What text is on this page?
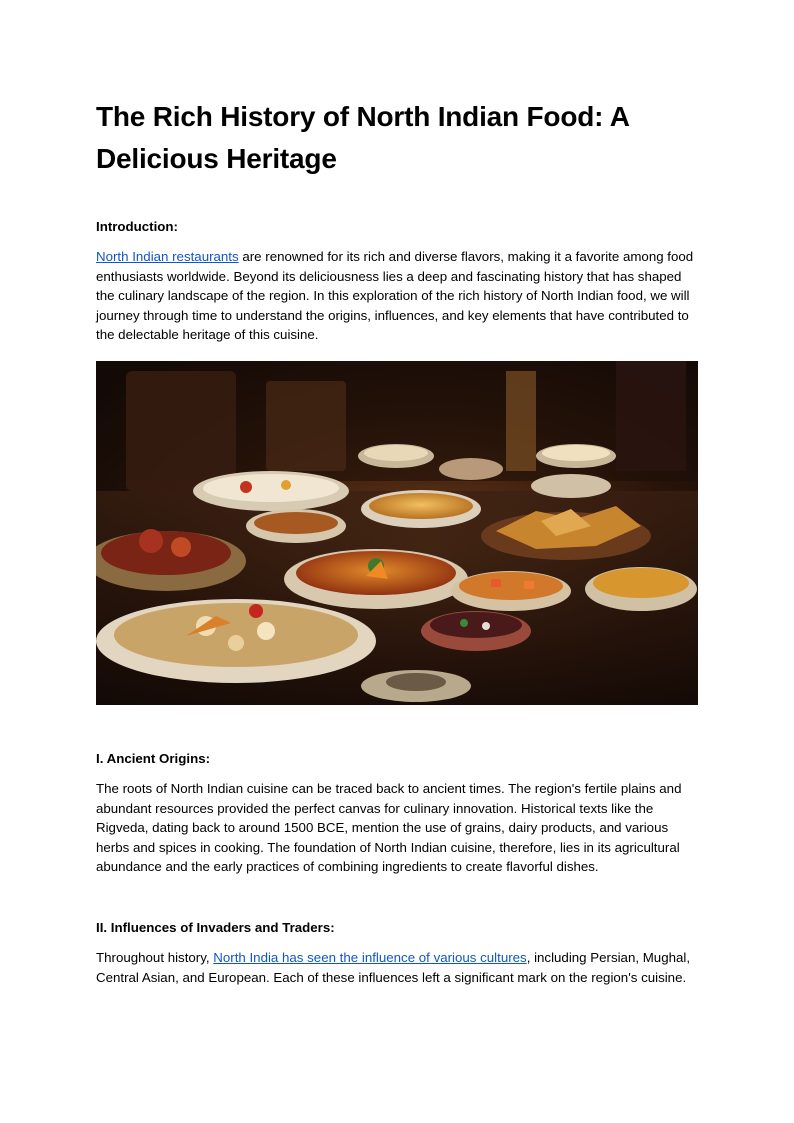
The Rich History of North Indian Food: A Delicious Heritage
Introduction:

North Indian restaurants are renowned for its rich and diverse flavors, making it a favorite among food enthusiasts worldwide. Beyond its deliciousness lies a deep and fascinating history that has shaped the culinary landscape of the region. In this exploration of the rich history of North Indian food, we will journey through time to understand the origins, influences, and key elements that have contributed to the delectable heritage of this cuisine.

I. Ancient Origins:

The roots of North Indian cuisine can be traced back to ancient times. The region's fertile plains and abundant resources provided the perfect canvas for culinary innovation. Historical texts like the Rigveda, dating back to around 1500 BCE, mention the use of grains, dairy products, and various herbs and spices in cooking. The foundation of North Indian cuisine, therefore, lies in its agricultural abundance and the early practices of combining ingredients to create flavorful dishes.

II. Influences of Invaders and Traders:

Throughout history, North India has seen the influence of various cultures, including Persian, Mughal, Central Asian, and European. Each of these influences left a significant mark on the region's cuisine.
